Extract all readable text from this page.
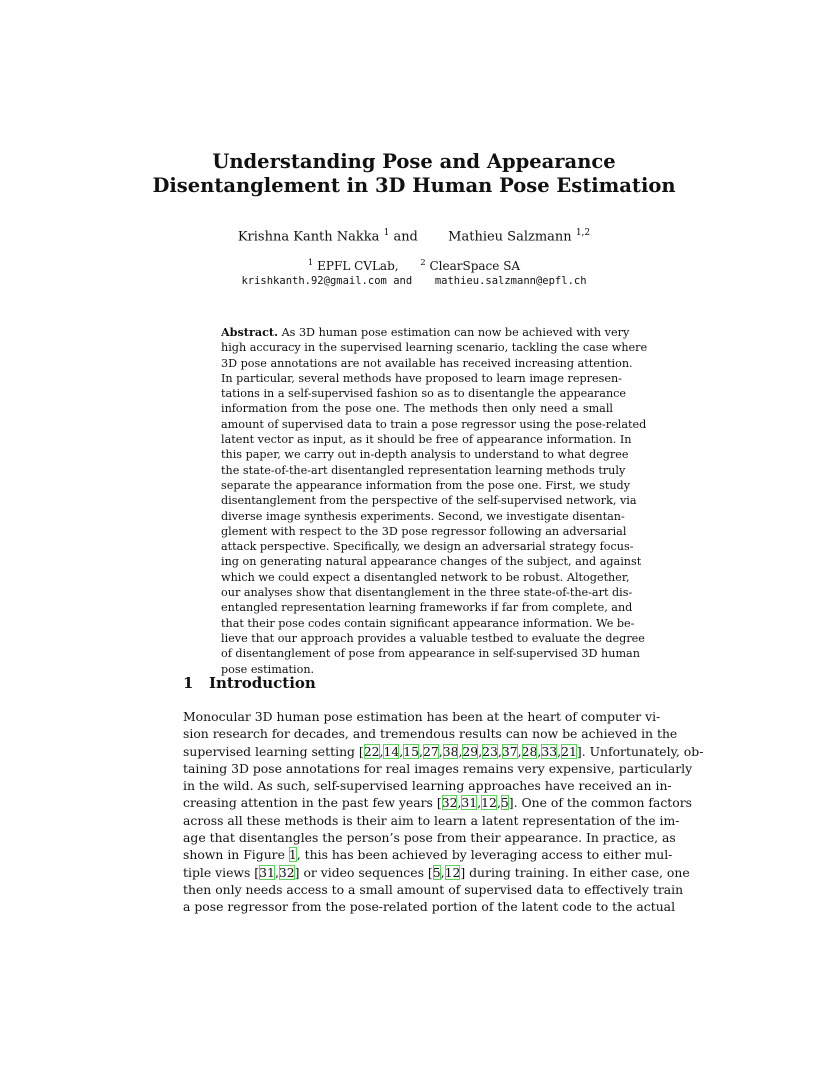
Understanding Pose and Appearance
Disentanglement in 3D Human Pose Estimation
Krishna Kanth Nakka $^1$ and Mathieu Salzmann $^{1,2}$
$^1$ EPFL CVLab,	$^2$ ClearSpace SA
krishkanth.92@gmail.com and mathieu.salzmann@epfl.ch
Abstract. As 3D human pose estimation can now be achieved with very
high accuracy in the supervised learning scenario, tackling the case where
3D pose annotations are not available has received increasing attention.
In particular, several methods have proposed to learn image represen-
tations in a self-supervised fashion so as to disentangle the appearance
information from the pose one. The methods then only need a small
amount of supervised data to train a pose regressor using the pose-related
latent vector as input, as it should be free of appearance information. In
this paper, we carry out in-depth analysis to understand to what degree
the state-of-the-art disentangled representation learning methods truly
separate the appearance information from the pose one. First, we study
disentanglement from the perspective of the self-supervised network, via
diverse image synthesis experiments. Second, we investigate disentan-
glement with respect to the 3D pose regressor following an adversarial
attack perspective. Specifically, we design an adversarial strategy focus-
ing on generating natural appearance changes of the subject, and against
which we could expect a disentangled network to be robust. Altogether,
our analyses show that disentanglement in the three state-of-the-art dis-
entangled representation learning frameworks if far from complete, and
that their pose codes contain significant appearance information. We be-
lieve that our approach provides a valuable testbed to evaluate the degree
of disentanglement of pose from appearance in self-supervised 3D human
pose estimation.
1 Introduction
Monocular 3D human pose estimation has been at the heart of computer vi-
sion research for decades, and tremendous results can now be achieved in the
supervised learning setting [22,14,15,27,38,29,23,37,28,33,21]. Unfortunately, ob-
taining 3D pose annotations for real images remains very expensive, particularly
in the wild. As such, self-supervised learning approaches have received an in-
creasing attention in the past few years [32,31,12,5]. One of the common factors
across all these methods is their aim to learn a latent representation of the im-
age that disentangles the person’s pose from their appearance. In practice, as
shown in Figure 1, this has been achieved by leveraging access to either mul-
tiple views [31,32] or video sequences [5,12] during training. In either case, one
then only needs access to a small amount of supervised data to effectively train
a pose regressor from the pose-related portion of the latent code to the actual
